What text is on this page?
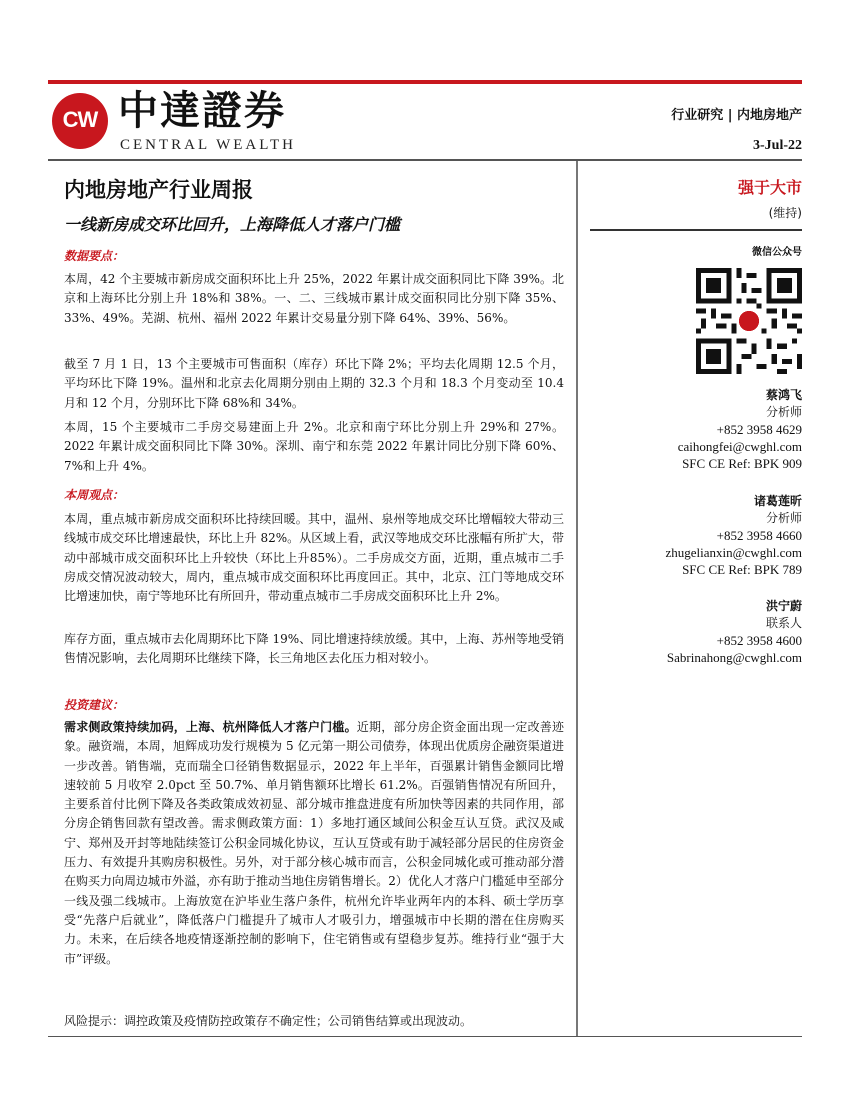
CW 中達證券
CENTRAL WEALTH
行业研究 | 内地房地产
3-Jul-22
内地房地产行业周报
一线新房成交环比回升，上海降低人才落户门槛
数据要点：

本周，42 个主要城市新房成交面积环比上升 25%，2022 年累计成交面积同比下降 39%。北京和上海环比分别上升 18%和 38%。一、二、三线城市累计成交面积同比分别下降 35%、33%、49%。芜湖、杭州、福州 2022 年累计交易量分别下降 64%、39%、56%。

截至 7 月 1 日，13 个主要城市可售面积（库存）环比下降 2%；平均去化周期 12.5 个月，平均环比下降 19%。温州和北京去化周期分别由上期的 32.3 个月和 18.3 个月变动至 10.4 月和 12 个月，分别环比下降 68%和 34%。

本周，15 个主要城市二手房交易建面上升 2%。北京和南宁环比分别上升 29%和 27%。2022 年累计成交面积同比下降 30%。深圳、南宁和东莞 2022 年累计同比分别下降 60%、7%和上升 4%。

本周观点：

本周，重点城市新房成交面积环比持续回暖。其中，温州、泉州等地成交环比增幅较大带动三线城市成交环比增速最快，环比上升 82%。从区域上看，武汉等地成交环比涨幅有所扩大，带动中部城市成交面积环比上升较快（环比上升85%）。二手房成交方面，近期，重点城市二手房成交情况波动较大，周内，重点城市成交面积环比再度回正。其中，北京、江门等地成交环比增速加快，南宁等地环比有所回升，带动重点城市二手房成交面积环比上升 2%。

库存方面，重点城市去化周期环比下降 19%、同比增速持续放缓。其中，上海、苏州等地受销售情况影响，去化周期环比继续下降，长三角地区去化压力相对较小。

投资建议：

需求侧政策持续加码，上海、杭州降低人才落户门槛。近期，部分房企资金面出现一定改善迹象。融资端，本周，旭辉成功发行规模为 5 亿元第一期公司债券，体现出优质房企融资渠道进一步改善。销售端，克而瑞全口径销售数据显示，2022 年上半年，百强累计销售金额同比增速较前 5 月收窄 2.0pct 至 50.7%、单月销售额环比增长 61.2%。百强销售情况有所回升，主要系首付比例下降及各类政策成效初显、部分城市推盘进度有所加快等因素的共同作用，部分房企销售回款有望改善。需求侧政策方面：1）多地打通区域间公积金互认互贷。武汉及咸宁、郑州及开封等地陆续签订公积金同城化协议，互认互贷或有助于减轻部分居民的住房资金压力、有效提升其购房积极性。另外，对于部分核心城市而言，公积金同城化或可推动部分潜在购买力向周边城市外溢，亦有助于推动当地住房销售增长。2）优化人才落户门槛延申至部分一线及强二线城市。上海放宽在沪毕业生落户条件，杭州允许毕业两年内的本科、硕士学历享受“先落户后就业”，降低落户门槛提升了城市人才吸引力，增强城市中长期的潜在住房购买力。未来，在后续各地疫情逐渐控制的影响下，住宅销售或有望稳步复苏。维持行业“强于大市”评级。

风险提示：调控政策及疫情防控政策存不确定性；公司销售结算或出现波动。

强于大市
(维持)
微信公众号
蔡鸿飞
分析师
+852 3958 4629
caihongfei@cwghl.com
SFC CE Ref: BPK 909
诸葛莲昕
分析师
+852 3958 4660
zhugelianxin@cwghl.com
SFC CE Ref: BPK 789
洪宁蔚
联系人
+852 3958 4600
Sabrinahong@cwghl.com
